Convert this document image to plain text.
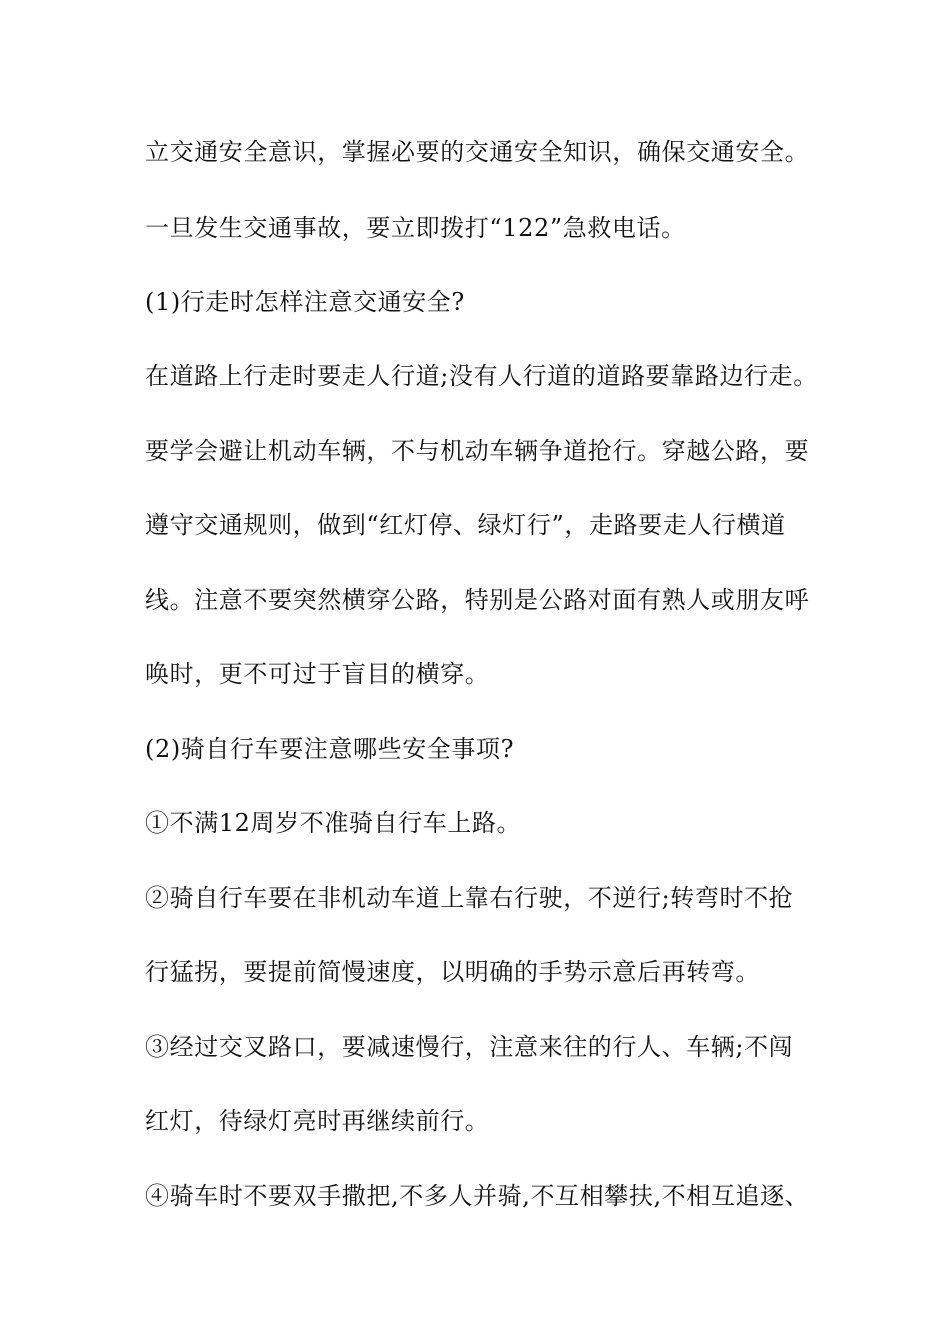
立交通安全意识，掌握必要的交通安全知识，确保交通安全。

一旦发生交通事故，要立即拨打“122”急救电话。

(1)行走时怎样注意交通安全?

在道路上行走时要走人行道;没有人行道的道路要靠路边行走。

要学会避让机动车辆，不与机动车辆争道抢行。穿越公路，要

遵守交通规则，做到“红灯停、绿灯行”，走路要走人行横道

线。注意不要突然横穿公路，特别是公路对面有熟人或朋友呼

唤时，更不可过于盲目的横穿。

(2)骑自行车要注意哪些安全事项?

①不满12周岁不准骑自行车上路。

②骑自行车要在非机动车道上靠右行驶，不逆行;转弯时不抢

行猛拐，要提前简慢速度，以明确的手势示意后再转弯。

③经过交叉路口，要减速慢行，注意来往的行人、车辆;不闯

红灯，待绿灯亮时再继续前行。

④骑车时不要双手撒把,不多人并骑,不互相攀扶,不相互追逐、
